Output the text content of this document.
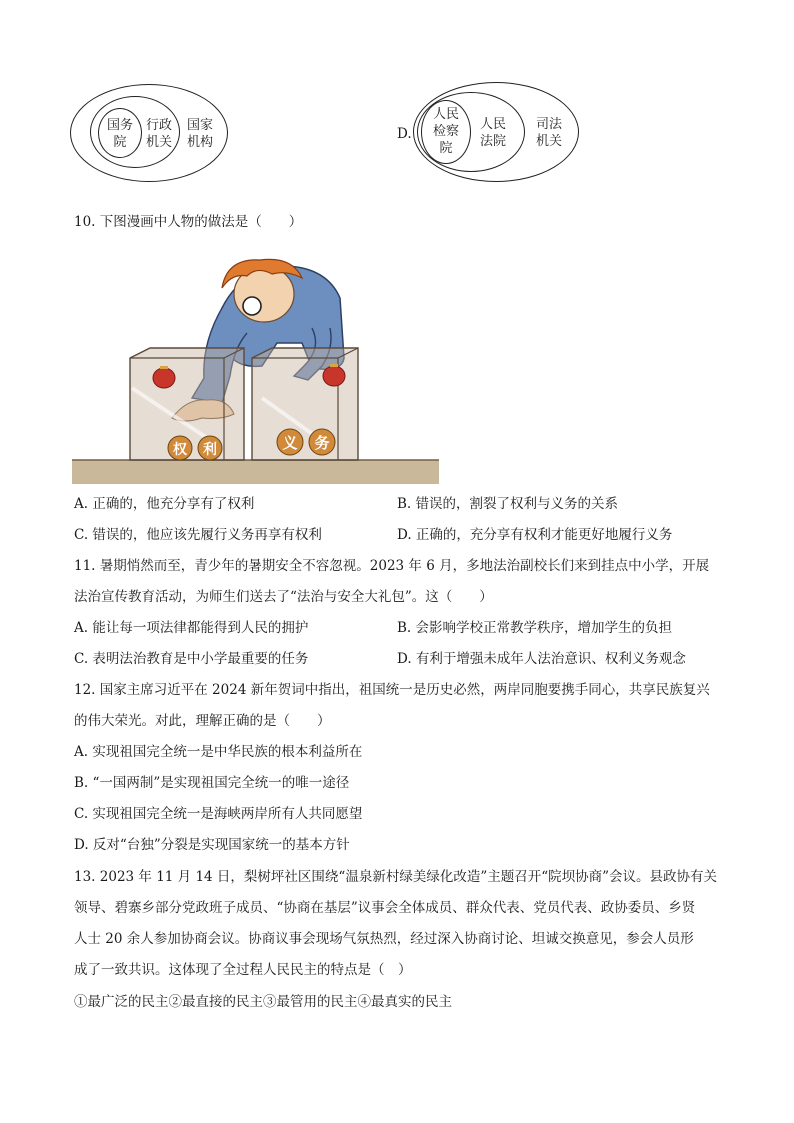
国务
院
行政
机关
国家
机构
D.
人民
检察
院
人民
法院
司法
机关
10. 下图漫画中人物的做法是（　　）
权 利	义 务
A. 正确的，他充分享有了权利	B. 错误的，割裂了权利与义务的关系
C. 错误的，他应该先履行义务再享有权利	D. 正确的，充分享有权利才能更好地履行义务
11. 暑期悄然而至，青少年的暑期安全不容忽视。2023 年 6 月，多地法治副校长们来到挂点中小学，开展
法治宣传教育活动，为师生们送去了“法治与安全大礼包”。这（　　）
A. 能让每一项法律都能得到人民的拥护	B. 会影响学校正常教学秩序，增加学生的负担
C. 表明法治教育是中小学最重要的任务	D. 有利于增强未成年人法治意识、权利义务观念
12. 国家主席习近平在 2024 新年贺词中指出，祖国统一是历史必然，两岸同胞要携手同心，共享民族复兴
的伟大荣光。对此，理解正确的是（　　）
A. 实现祖国完全统一是中华民族的根本利益所在
B. “一国两制”是实现祖国完全统一的唯一途径
C. 实现祖国完全统一是海峡两岸所有人共同愿望
D. 反对“台独”分裂是实现国家统一的基本方针
13. 2023 年 11 月 14 日，梨树坪社区围绕“温泉新村绿美绿化改造”主题召开“院坝协商”会议。县政协有关
领导、碧寨乡部分党政班子成员、“协商在基层”议事会全体成员、群众代表、党员代表、政协委员、乡贤
人士 20 余人参加协商会议。协商议事会现场气氛热烈，经过深入协商讨论、坦诚交换意见，参会人员形
成了一致共识。这体现了全过程人民民主的特点是（　）
①最广泛的民主②最直接的民主③最管用的民主④最真实的民主
